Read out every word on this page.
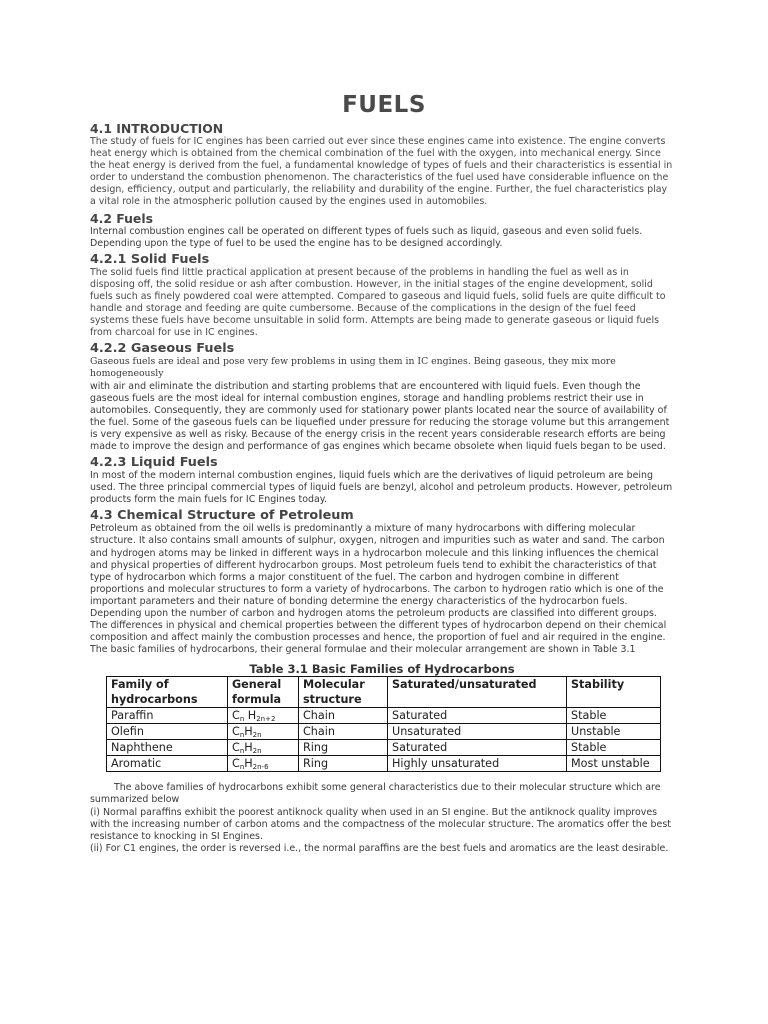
FUELS
4.1 INTRODUCTION

The study of fuels for IC engines has been carried out ever since these engines came into existence. The engine converts heat energy which is obtained from the chemical combination of the fuel with the oxygen, into mechanical energy. Since the heat energy is derived from the fuel, a fundamental knowledge of types of fuels and their characteristics is essential in order to understand the combustion phenomenon. The characteristics of the fuel used have considerable influence on the design, efficiency, output and particularly, the reliability and durability of the engine. Further, the fuel characteristics play a vital role in the atmospheric pollution caused by the engines used in automobiles.

4.2 Fuels

Internal combustion engines call be operated on different types of fuels such as liquid, gaseous and even solid fuels. Depending upon the type of fuel to be used the engine has to be designed accordingly.

4.2.1 Solid Fuels

The solid fuels find little practical application at present because of the problems in handling the fuel as well as in disposing off, the solid residue or ash after combustion. However, in the initial stages of the engine development, solid fuels such as finely powdered coal were attempted. Compared to gaseous and liquid fuels, solid fuels are quite difficult to handle and storage and feeding are quite cumbersome. Because of the complications in the design of the fuel feed systems these fuels have become unsuitable in solid form. Attempts are being made to generate gaseous or liquid fuels from charcoal for use in IC engines.

4.2.2 Gaseous Fuels

Gaseous fuels are ideal and pose very few problems in using them in IC engines. Being gaseous, they mix more homogeneously

with air and eliminate the distribution and starting problems that are encountered with liquid fuels. Even though the gaseous fuels are the most ideal for internal combustion engines, storage and handling problems restrict their use in automobiles. Consequently, they are commonly used for stationary power plants located near the source of availability of the fuel. Some of the gaseous fuels can be liquefied under pressure for reducing the storage volume but this arrangement is very expensive as well as risky. Because of the energy crisis in the recent years considerable research efforts are being made to improve the design and performance of gas engines which became obsolete when liquid fuels began to be used.

4.2.3 Liquid Fuels

In most of the modern internal combustion engines, liquid fuels which are the derivatives of liquid petroleum are being used. The three principal commercial types of liquid fuels are benzyl, alcohol and petroleum products. However, petroleum products form the main fuels for IC Engines today.

4.3 Chemical Structure of Petroleum

Petroleum as obtained from the oil wells is predominantly a mixture of many hydrocarbons with differing molecular structure. It also contains small amounts of sulphur, oxygen, nitrogen and impurities such as water and sand. The carbon and hydrogen atoms may be linked in different ways in a hydrocarbon molecule and this linking influences the chemical and physical properties of different hydrocarbon groups. Most petroleum fuels tend to exhibit the characteristics of that type of hydrocarbon which forms a major constituent of the fuel. The carbon and hydrogen combine in different proportions and molecular structures to form a variety of hydrocarbons. The carbon to hydrogen ratio which is one of the important parameters and their nature of bonding determine the energy characteristics of the hydrocarbon fuels. Depending upon the number of carbon and hydrogen atoms the petroleum products are classified into different groups. The differences in physical and chemical properties between the different types of hydrocarbon depend on their chemical composition and affect mainly the combustion processes and hence, the proportion of fuel and air required in the engine. The basic families of hydrocarbons, their general formulae and their molecular arrangement are shown in Table 3.1

Table 3.1 Basic Families of Hydrocarbons

Family of hydrocarbons	General formula	Molecular structure	Saturated/unsaturated	Stability
Paraffin	$C_n$ $H_{2n+2}$	Chain	Saturated	Stable
Olefin	$C_nH_{2n}$	Chain	Unsaturated	Unstable
Naphthene	$C_nH_{2n}$	Ring	Saturated	Stable
Aromatic	$C_nH_{2n-6}$	Ring	Highly unsaturated	Most unstable

The above families of hydrocarbons exhibit some general characteristics due to their molecular structure which are summarized below

(i) Normal paraffins exhibit the poorest antiknock quality when used in an SI engine. But the antiknock quality improves with the increasing number of carbon atoms and the compactness of the molecular structure. The aromatics offer the best resistance to knocking in SI Engines.

(ii) For C1 engines, the order is reversed i.e., the normal paraffins are the best fuels and aromatics are the least desirable.
